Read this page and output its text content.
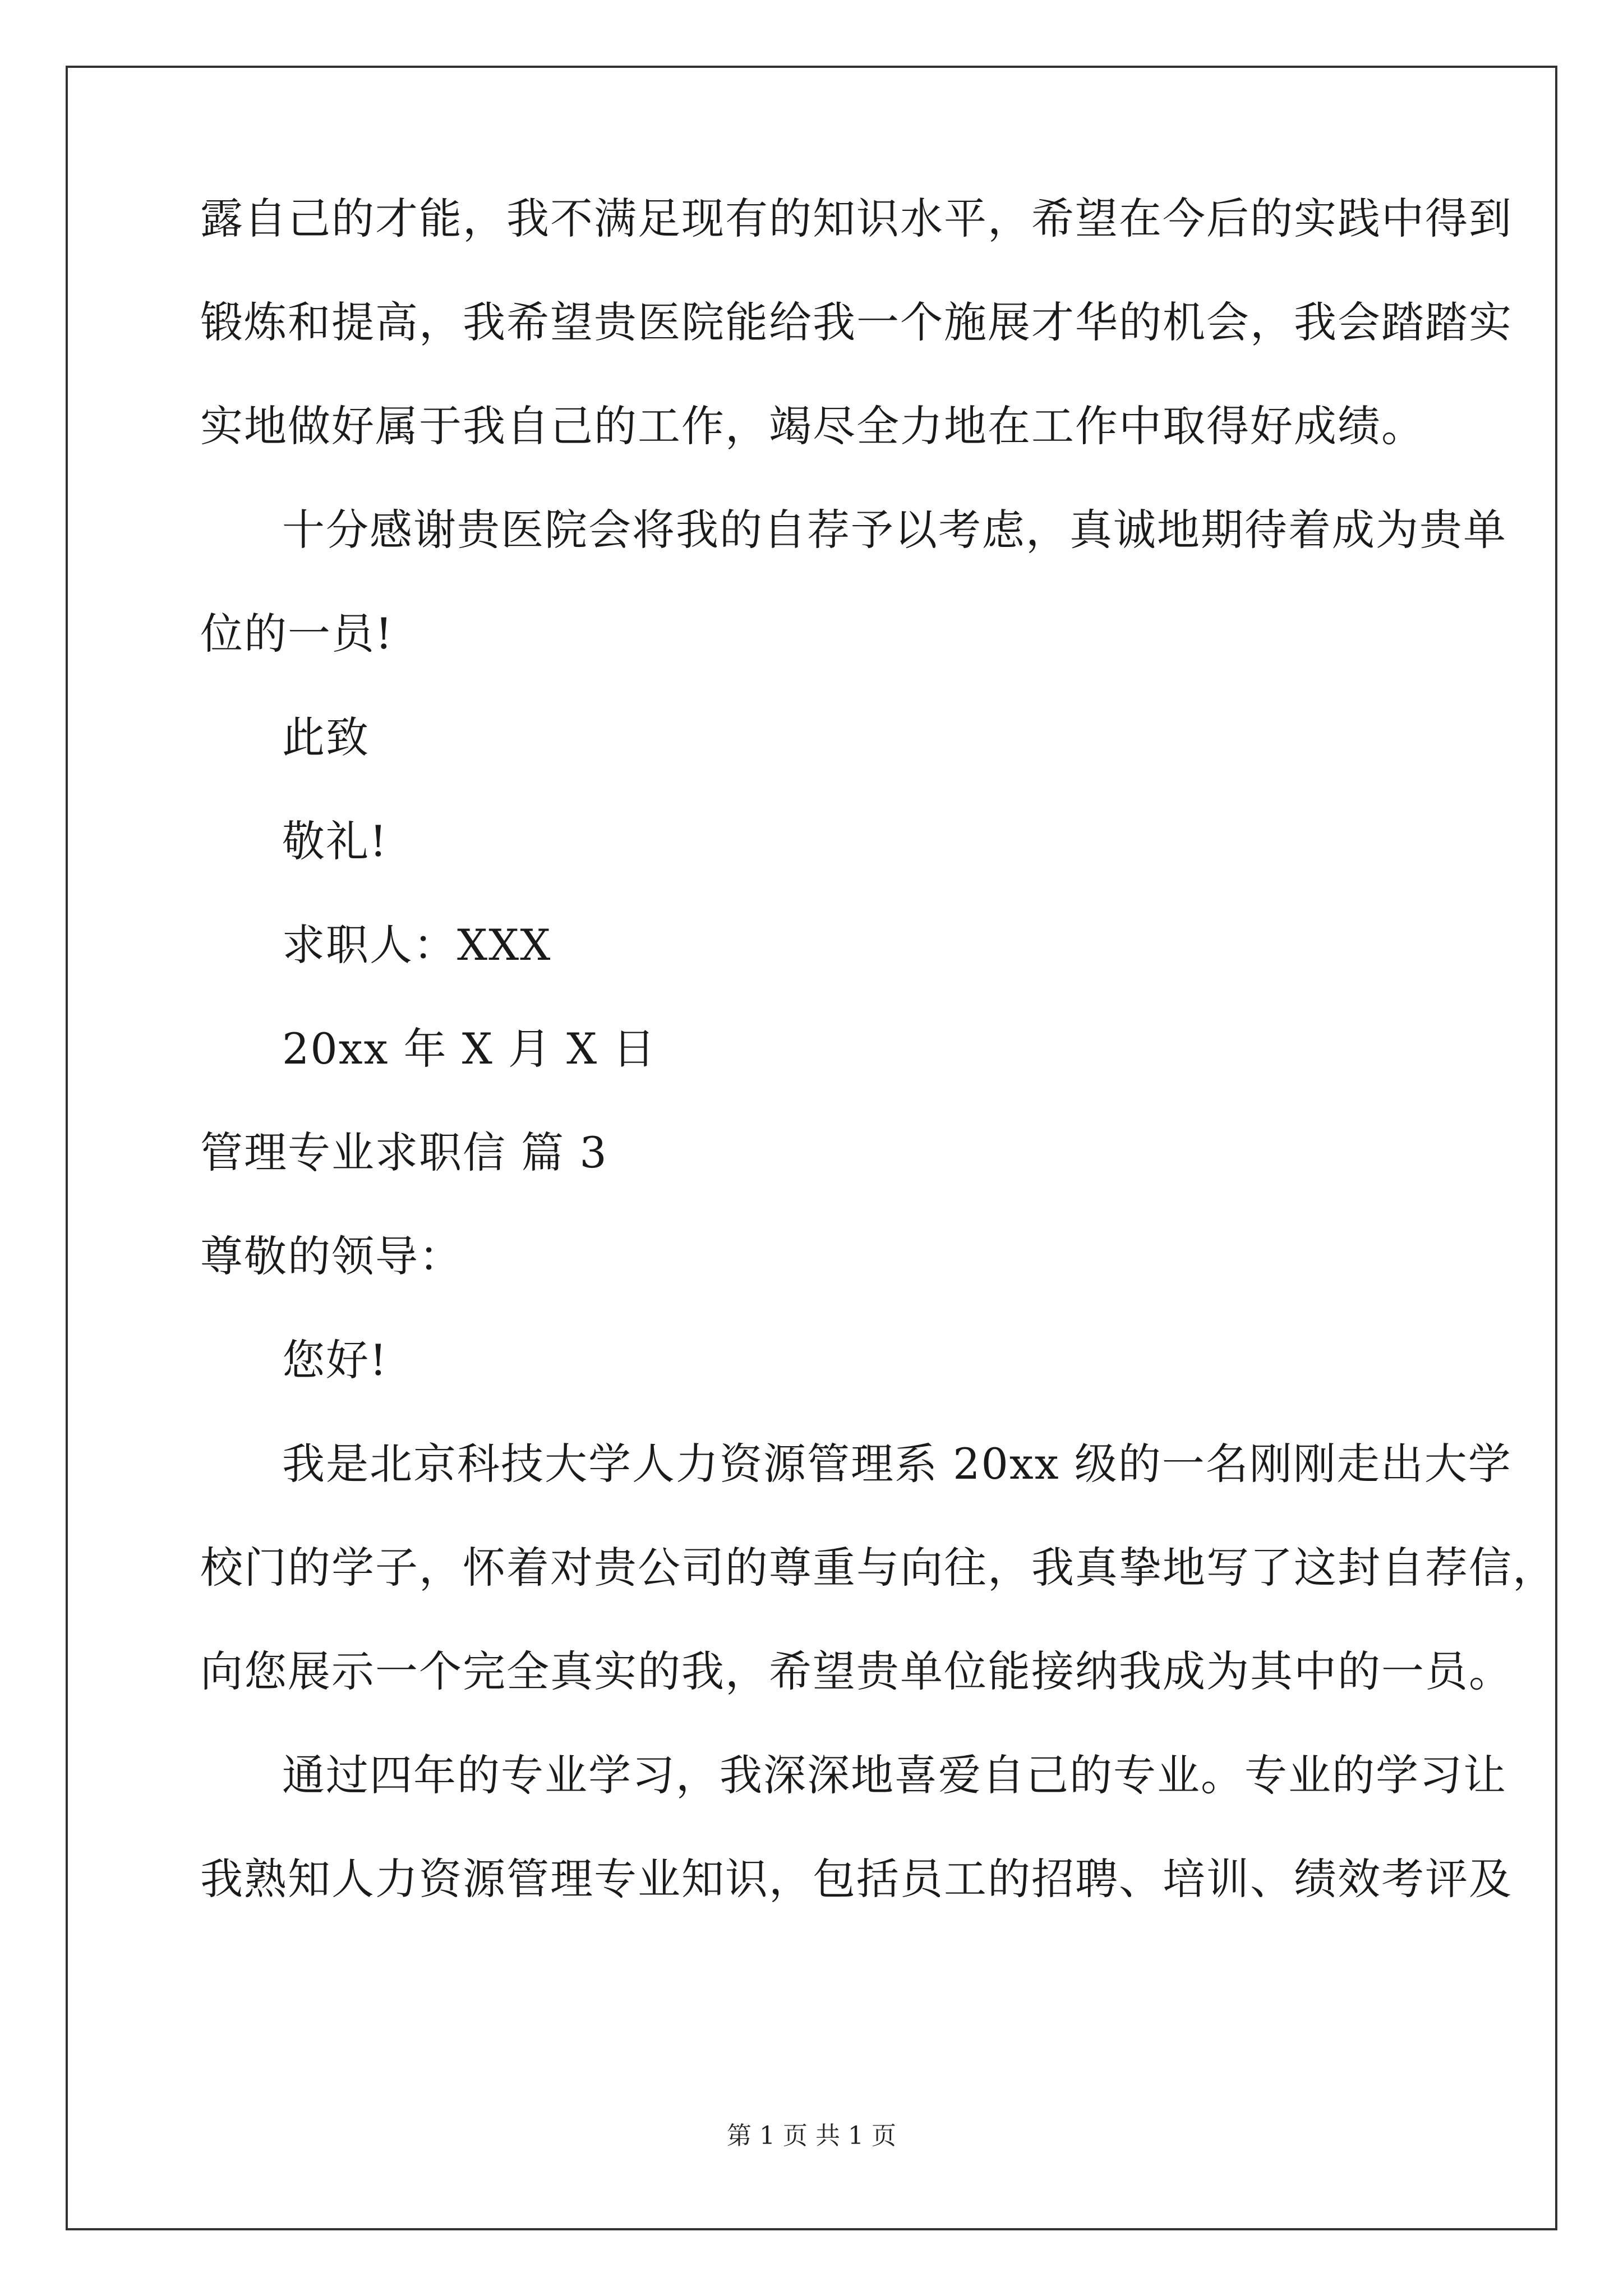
露自己的才能，我不满足现有的知识水平，希望在今后的实践中得到
锻炼和提高，我希望贵医院能给我一个施展才华的机会，我会踏踏实
实地做好属于我自己的工作，竭尽全力地在工作中取得好成绩。
十分感谢贵医院会将我的自荐予以考虑，真诚地期待着成为贵单
位的一员!
此致
敬礼!
求职人：XXX
20xx 年 X 月 X 日
管理专业求职信 篇 3
尊敬的领导：
您好!
我是北京科技大学人力资源管理系 20xx 级的一名刚刚走出大学
校门的学子，怀着对贵公司的尊重与向往，我真挚地写了这封自荐信，
向您展示一个完全真实的我，希望贵单位能接纳我成为其中的一员。
通过四年的专业学习，我深深地喜爱自己的专业。专业的学习让
我熟知人力资源管理专业知识，包括员工的招聘、培训、绩效考评及
第 1 页 共 1 页
